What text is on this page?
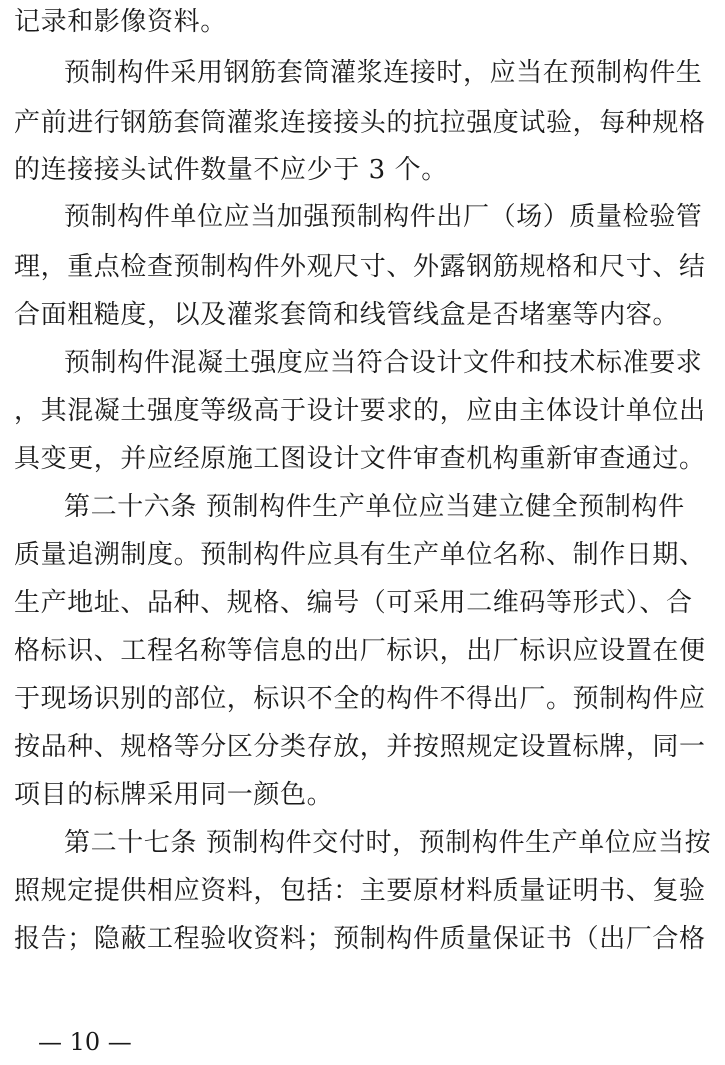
记录和影像资料。
预制构件采用钢筋套筒灌浆连接时，应当在预制构件生
产前进行钢筋套筒灌浆连接接头的抗拉强度试验，每种规格
的连接接头试件数量不应少于 3 个。
预制构件单位应当加强预制构件出厂（场）质量检验管
理，重点检查预制构件外观尺寸、外露钢筋规格和尺寸、结
合面粗糙度，以及灌浆套筒和线管线盒是否堵塞等内容。
预制构件混凝土强度应当符合设计文件和技术标准要求
，其混凝土强度等级高于设计要求的，应由主体设计单位出
具变更，并应经原施工图设计文件审查机构重新审查通过。
第二十六条 预制构件生产单位应当建立健全预制构件
质量追溯制度。预制构件应具有生产单位名称、制作日期、
生产地址、品种、规格、编号（可采用二维码等形式）、合
格标识、工程名称等信息的出厂标识，出厂标识应设置在便
于现场识别的部位，标识不全的构件不得出厂。预制构件应
按品种、规格等分区分类存放，并按照规定设置标牌，同一
项目的标牌采用同一颜色。
第二十七条 预制构件交付时，预制构件生产单位应当按
照规定提供相应资料，包括：主要原材料质量证明书、复验
报告；隐蔽工程验收资料；预制构件质量保证书（出厂合格
— 10 —
